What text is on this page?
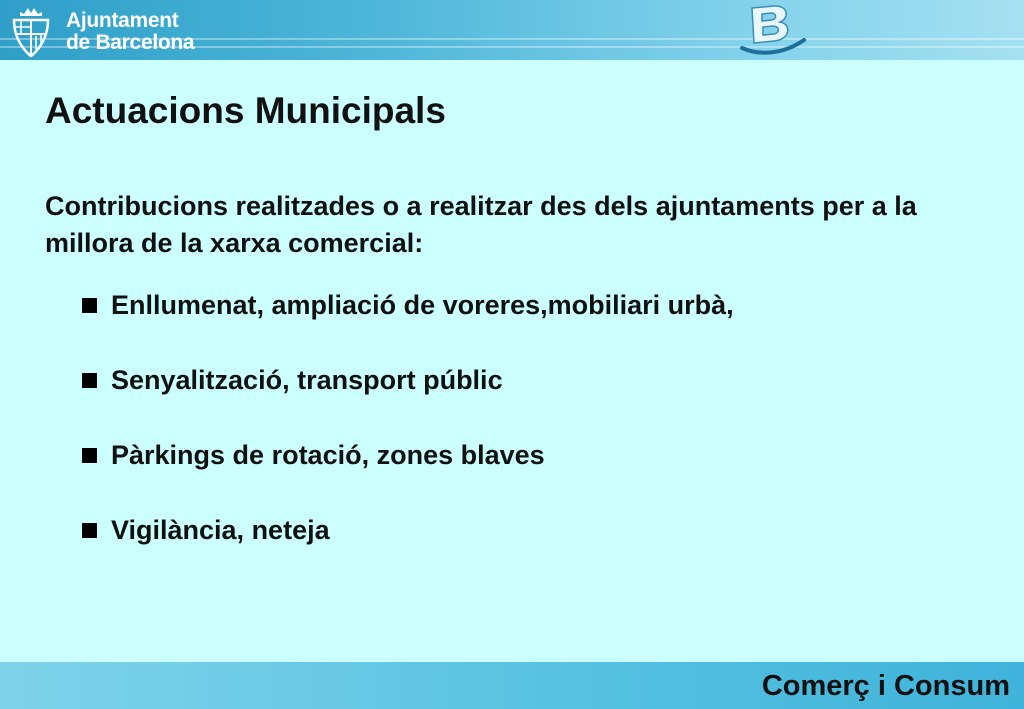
Ajuntament
de Barcelona
Actuacions Municipals

Contribucions realitzades o a realitzar des dels ajuntaments per a la millora de la xarxa comercial:

Enllumenat, ampliació de voreres,mobiliari urbà,
Senyalització, transport públic
Pàrkings de rotació, zones blaves
Vigilància, neteja
Comerç i Consum
